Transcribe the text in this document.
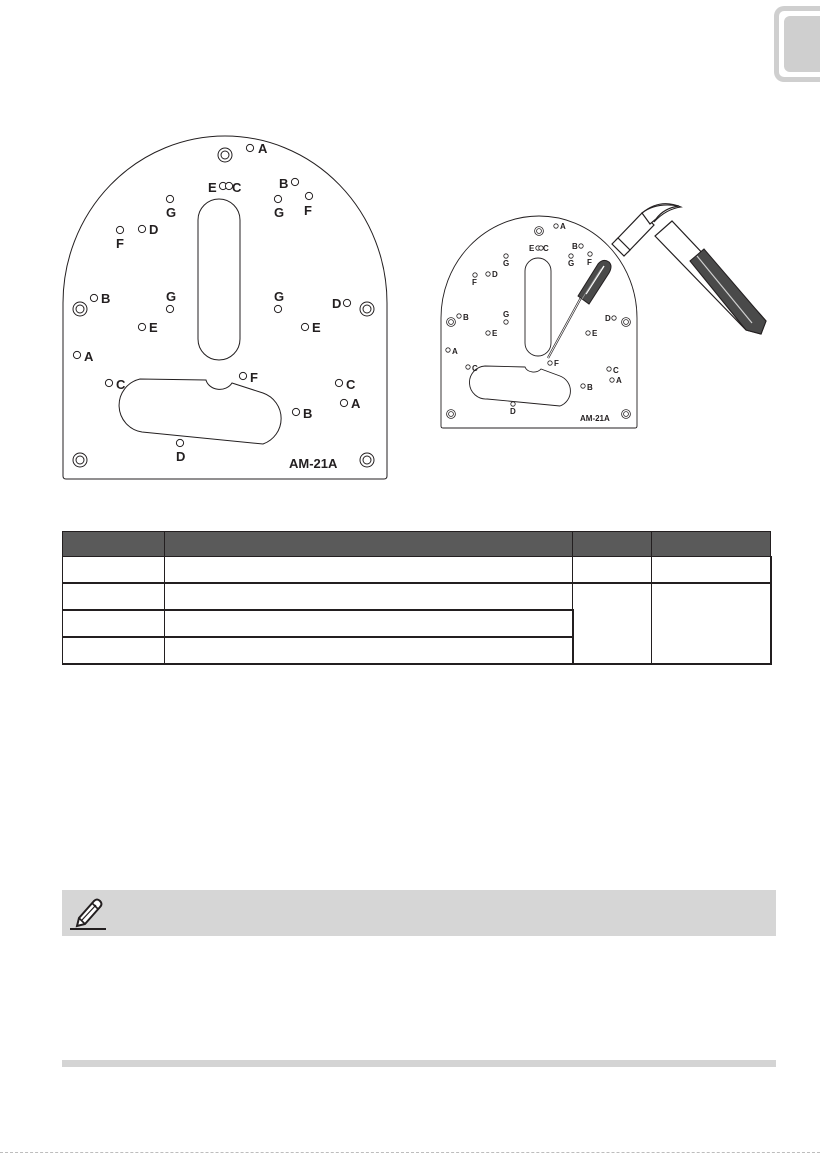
A
E C	B
F
G	G
D
F
B	G	G	D
E	E
A
C	F	C
A
B
D	AM-21A
A
E C	B
F
G	G
D
F
B	G	D
E	E
A
C
F
C
A
B
D
AM-21A
